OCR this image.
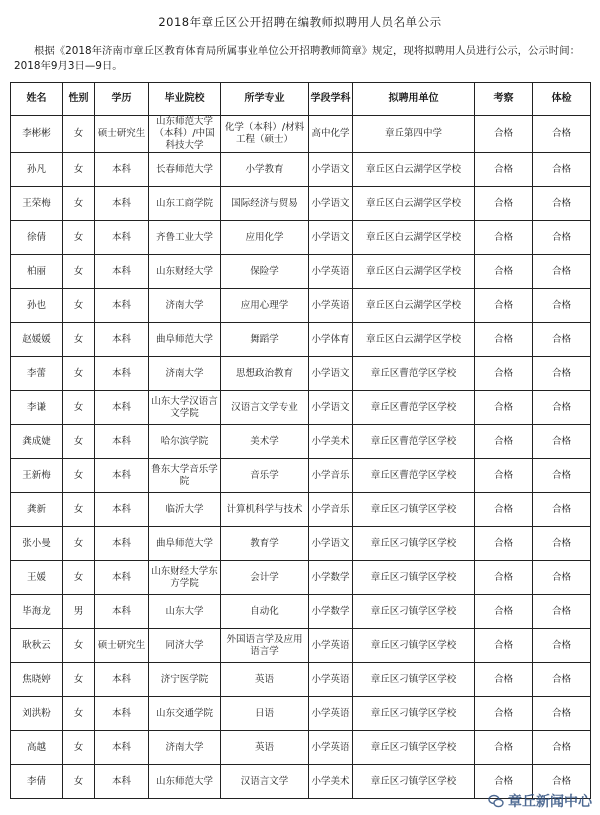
2018年章丘区公开招聘在编教师拟聘用人员名单公示
根据《2018年济南市章丘区教育体育局所属事业单位公开招聘教师简章》规定，现将拟聘用人员进行公示，公示时间：2018年9月3日—9日。
姓名	性别	学历	毕业院校	所学专业	学段学科	拟聘用单位	考察	体检
李彬彬	女	硕士研究生	山东师范大学（本科）/中国科技大学	化学（本科）/材料工程（硕士）	高中化学	章丘第四中学	合格	合格
孙凡	女	本科	长春师范大学	小学教育	小学语文	章丘区白云湖学区学校	合格	合格
王荣梅	女	本科	山东工商学院	国际经济与贸易	小学语文	章丘区白云湖学区学校	合格	合格
徐倩	女	本科	齐鲁工业大学	应用化学	小学语文	章丘区白云湖学区学校	合格	合格
柏丽	女	本科	山东财经大学	保险学	小学英语	章丘区白云湖学区学校	合格	合格
孙也	女	本科	济南大学	应用心理学	小学英语	章丘区白云湖学区学校	合格	合格
赵媛媛	女	本科	曲阜师范大学	舞蹈学	小学体育	章丘区白云湖学区学校	合格	合格
李蕾	女	本科	济南大学	思想政治教育	小学语文	章丘区曹范学区学校	合格	合格
李谦	女	本科	山东大学汉语言文学院	汉语言文学专业	小学语文	章丘区曹范学区学校	合格	合格
龚成婕	女	本科	哈尔滨学院	美术学	小学美术	章丘区曹范学区学校	合格	合格
王新梅	女	本科	鲁东大学音乐学院	音乐学	小学音乐	章丘区曹范学区学校	合格	合格
龚新	女	本科	临沂大学	计算机科学与技术	小学音乐	章丘区刁镇学区学校	合格	合格
张小曼	女	本科	曲阜师范大学	教育学	小学语文	章丘区刁镇学区学校	合格	合格
王媛	女	本科	山东财经大学东方学院	会计学	小学数学	章丘区刁镇学区学校	合格	合格
毕海龙	男	本科	山东大学	自动化	小学数学	章丘区刁镇学区学校	合格	合格
耿秋云	女	硕士研究生	同济大学	外国语言学及应用语言学	小学英语	章丘区刁镇学区学校	合格	合格
焦晓婷	女	本科	济宁医学院	英语	小学英语	章丘区刁镇学区学校	合格	合格
刘洪粉	女	本科	山东交通学院	日语	小学英语	章丘区刁镇学区学校	合格	合格
高越	女	本科	济南大学	英语	小学英语	章丘区刁镇学区学校	合格	合格
李倩	女	本科	山东师范大学	汉语言文学	小学美术	章丘区刁镇学区学校	合格	合格
章丘新闻中心
